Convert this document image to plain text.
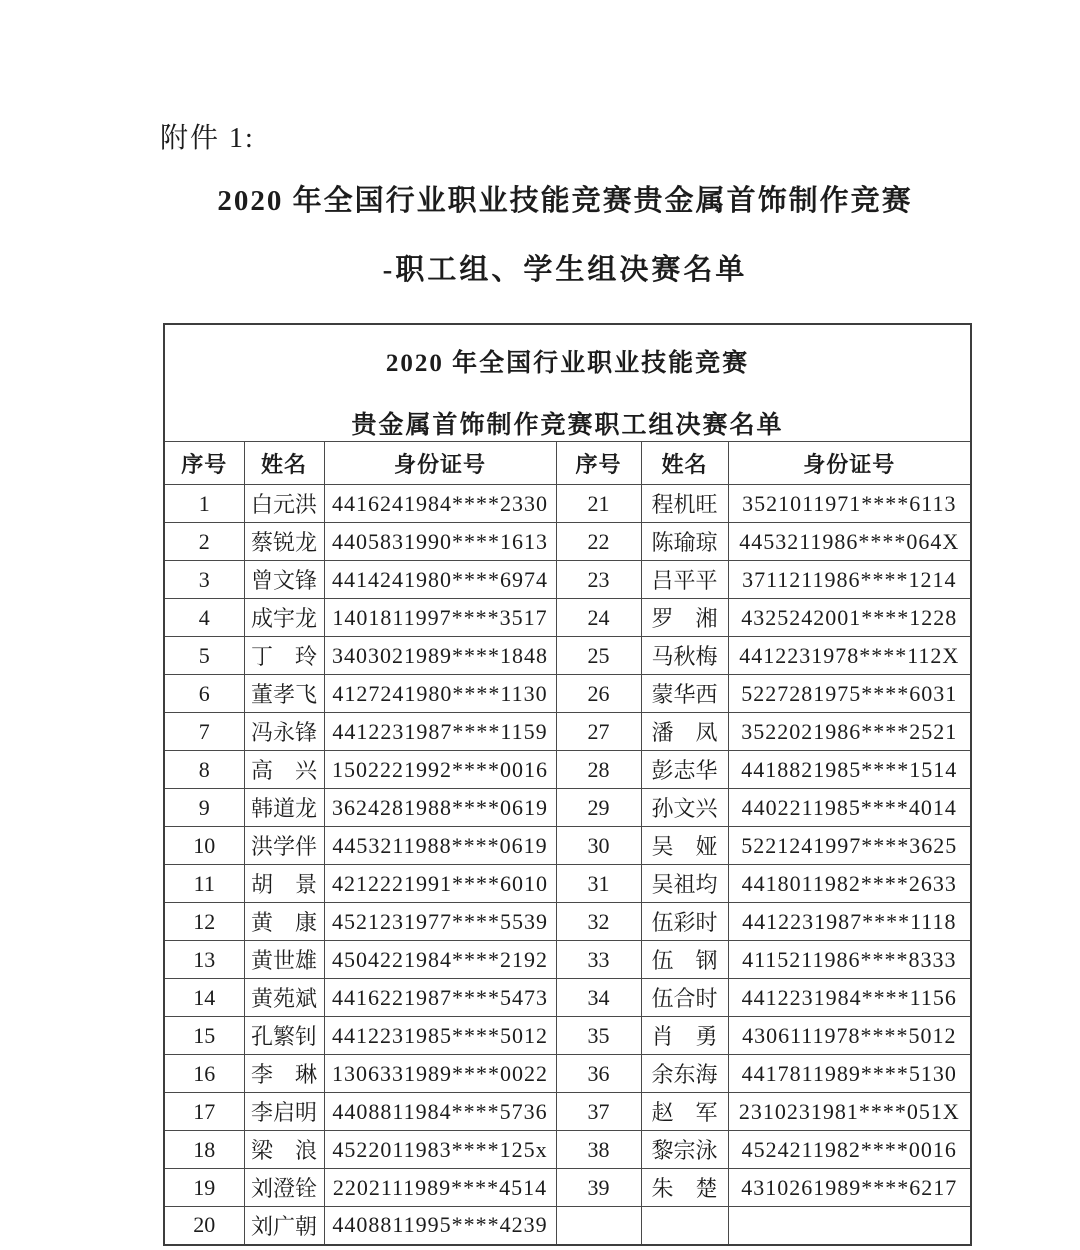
附件 1:
2020 年全国行业职业技能竞赛贵金属首饰制作竞赛
-职工组、学生组决赛名单
2020 年全国行业职业技能竞赛
贵金属首饰制作竞赛职工组决赛名单					

序号	姓名	身份证号	序号	姓名	身份证号
1	白元洪	4416241984****2330	21	程机旺	3521011971****6113
2	蔡锐龙	4405831990****1613	22	陈瑜琼	4453211986****064X
3	曾文锋	4414241980****6974	23	吕平平	3711211986****1214
4	成宇龙	1401811997****3517	24	罗　湘	4325242001****1228
5	丁　玲	3403021989****1848	25	马秋梅	4412231978****112X
6	董孝飞	4127241980****1130	26	蒙华西	5227281975****6031
7	冯永锋	4412231987****1159	27	潘　凤	3522021986****2521
8	高　兴	1502221992****0016	28	彭志华	4418821985****1514
9	韩道龙	3624281988****0619	29	孙文兴	4402211985****4014
10	洪学伴	4453211988****0619	30	吴　娅	5221241997****3625
11	胡　景	4212221991****6010	31	吴祖均	4418011982****2633
12	黄　康	4521231977****5539	32	伍彩时	4412231987****1118
13	黄世雄	4504221984****2192	33	伍　钢	4115211986****8333
14	黄苑斌	4416221987****5473	34	伍合时	4412231984****1156
15	孔繁钊	4412231985****5012	35	肖　勇	4306111978****5012
16	李　琳	1306331989****0022	36	余东海	4417811989****5130
17	李启明	4408811984****5736	37	赵　军	2310231981****051X
18	梁　浪	4522011983****125x	38	黎宗泳	4524211982****0016
19	刘澄铨	2202111989****4514	39	朱　楚	4310261989****6217
20	刘广朝	4408811995****4239			
